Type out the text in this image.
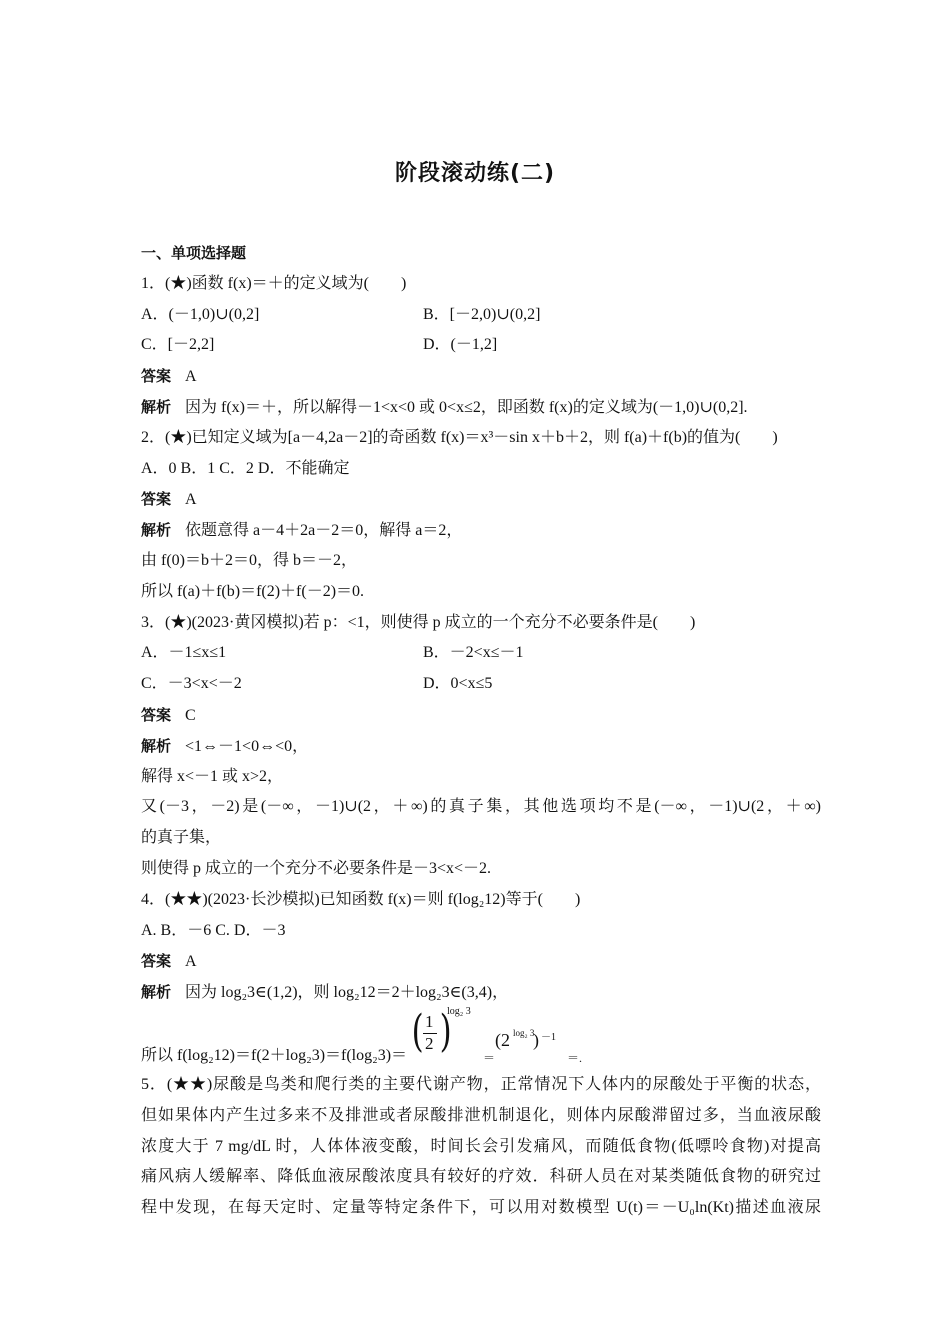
阶段滚动练(二)
一、单项选择题
1．(★)函数 f(x)＝＋的定义域为(　　)
A．(－1,0)∪(0,2]	B．[－2,0)∪(0,2]
C．[－2,2]	D．(－1,2]
答案 A
解析 因为 f(x)＝＋，所以解得－1<x<0 或 0<x≤2，即函数 f(x)的定义域为(－1,0)∪(0,2].
2．(★)已知定义域为[a－4,2a－2]的奇函数 f(x)＝x³－sin x＋b＋2，则 f(a)＋f(b)的值为(　　)
A．0 B．1 C．2 D．不能确定
答案 A
解析 依题意得 a－4＋2a－2＝0，解得 a＝2，
由 f(0)＝b＋2＝0，得 b＝－2，
所以 f(a)＋f(b)＝f(2)＋f(－2)＝0.
3．(★)(2023·黄冈模拟)若 p：<1，则使得 p 成立的一个充分不必要条件是(　　)
A．－1≤x≤1	B．－2<x≤－1
C．－3<x<－2	D．0<x≤5
答案 C
解析 <1⇔－1<0⇔<0，
解得 x<－1 或 x>2，
又(－3，－2)是(－∞，－1)∪(2，＋∞)的真子集，其他选项均不是(－∞，－1)∪(2，＋∞)
的真子集，
则使得 p 成立的一个充分不必要条件是－3<x<－2.
4．(★★)(2023·长沙模拟)已知函数 f(x)＝则 f(log₂12)等于(　　)
A. B．－6 C. D．－3
答案 A
解析 因为 log₂3∈(1,2)，则 log₂12＝2＋log₂3∈(3,4)，
所以 f(log₂12)＝f(2＋log₂3)＝f(log₂3)＝ ( 1
2 )
log₂ 3
＝
(2 log₂ 3
) －1
＝.
5．(★★)尿酸是鸟类和爬行类的主要代谢产物，正常情况下人体内的尿酸处于平衡的状态，
但如果体内产生过多来不及排泄或者尿酸排泄机制退化，则体内尿酸滞留过多，当血液尿酸
浓度大于 7 mg/dL 时，人体体液变酸，时间长会引发痛风，而随低食物(低嘌呤食物)对提高
痛风病人缓解率、降低血液尿酸浓度具有较好的疗效．科研人员在对某类随低食物的研究过
程中发现，在每天定时、定量等特定条件下，可以用对数模型 U(t)＝－U₀ln(Kt)描述血液尿
